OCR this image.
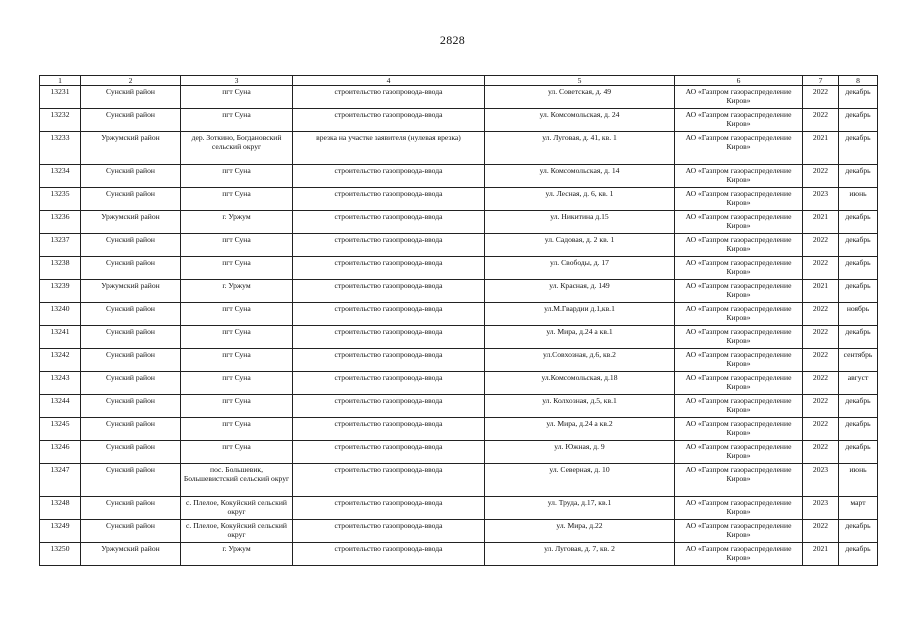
2828
1	2	3	4	5	6	7	8
13231	Сунский район	пгт Суна	строительство газопровода-ввода	ул. Советская, д. 49	АО «Газпром газораспределение Киров»	2022	декабрь
13232	Сунский район	пгт Суна	строительство газопровода-ввода	ул. Комсомольская, д. 24	АО «Газпром газораспределение Киров»	2022	декабрь
13233	Уржумский район	дер. Зоткино, Богдановский сельский округ	врезка на участке заявителя (нулевая врезка)	ул. Луговая, д. 41, кв. 1	АО «Газпром газораспределение Киров»	2021	декабрь
13234	Сунский район	пгт Суна	строительство газопровода-ввода	ул. Комсомольская, д. 14	АО «Газпром газораспределение Киров»	2022	декабрь
13235	Сунский район	пгт Суна	строительство газопровода-ввода	ул. Лесная, д. 6, кв. 1	АО «Газпром газораспределение Киров»	2023	июнь
13236	Уржумский район	г. Уржум	строительство газопровода-ввода	ул. Никитина д.15	АО «Газпром газораспределение Киров»	2021	декабрь
13237	Сунский район	пгт Суна	строительство газопровода-ввода	ул. Садовая, д. 2 кв. 1	АО «Газпром газораспределение Киров»	2022	декабрь
13238	Сунский район	пгт Суна	строительство газопровода-ввода	ул. Свободы, д. 17	АО «Газпром газораспределение Киров»	2022	декабрь
13239	Уржумский район	г. Уржум	строительство газопровода-ввода	ул. Красная, д. 149	АО «Газпром газораспределение Киров»	2021	декабрь
13240	Сунский район	пгт Суна	строительство газопровода-ввода	ул.М.Гвардии д.1,кв.1	АО «Газпром газораспределение Киров»	2022	ноябрь
13241	Сунский район	пгт Суна	строительство газопровода-ввода	ул. Мира, д.24 а кв.1	АО «Газпром газораспределение Киров»	2022	декабрь
13242	Сунский район	пгт Суна	строительство газопровода-ввода	ул.Совхозная, д.6, кв.2	АО «Газпром газораспределение Киров»	2022	сентябрь
13243	Сунский район	пгт Суна	строительство газопровода-ввода	ул.Комсомольская, д.18	АО «Газпром газораспределение Киров»	2022	август
13244	Сунский район	пгт Суна	строительство газопровода-ввода	ул. Колхозная, д.5, кв.1	АО «Газпром газораспределение Киров»	2022	декабрь
13245	Сунский район	пгт Суна	строительство газопровода-ввода	ул. Мира, д.24 а кв.2	АО «Газпром газораспределение Киров»	2022	декабрь
13246	Сунский район	пгт Суна	строительство газопровода-ввода	ул. Южная, д. 9	АО «Газпром газораспределение Киров»	2022	декабрь
13247	Сунский район	пос. Большевик, Большевистский сельский округ	строительство газопровода-ввода	ул. Северная, д. 10	АО «Газпром газораспределение Киров»	2023	июнь
13248	Сунский район	с. Плелое, Кокуйский сельский округ	строительство газопровода-ввода	ул. Труда, д.17, кв.1	АО «Газпром газораспределение Киров»	2023	март
13249	Сунский район	с. Плелое, Кокуйский сельский округ	строительство газопровода-ввода	ул. Мира, д.22	АО «Газпром газораспределение Киров»	2022	декабрь
13250	Уржумский район	г. Уржум	строительство газопровода-ввода	ул. Луговая, д. 7, кв. 2	АО «Газпром газораспределение Киров»	2021	декабрь
